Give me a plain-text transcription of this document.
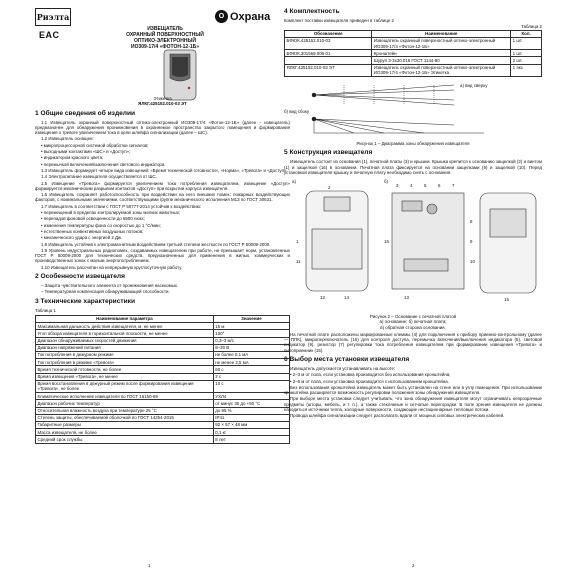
Риэлта
EAC
О Охрана
ИЗВЕЩАТЕЛЬ
ОХРАННЫЙ ПОВЕРХНОСТНЫЙ
ОПТИКО-ЭЛЕКТРОННЫЙ
ИО309-17/4 «ФОТОН-12-1Б»
Этикетка
ЯЛКГ.425152.010-03 ЭТ
1 Общие сведения об изделии

1.1 Извещатель охранный поверхностный оптико-электронный ИО309-17/4 «Фотон-12-1Б» (далее - извещатель) предназначен для обнаружения проникновения в охраняемое пространство закрытого помещения и формирования извещения о тревоге увеличением тока в цепи шлейфа сигнализации (далее – ШС).

1.2 Извещатель оснащен:

• микропроцессорной системой обработки сигналов;

• выходными контактами «ШС» и «Доступ»;

• индикатором красного цвета;

• перемычкой включения/выключения светового индикатора.

1.3 Извещатель формирует четыре вида извещений: «Время технической готовности», «Норма», «Тревога» и «Доступ».

1.4 Электропитание извещателя осуществляется от ШС.

1.5 Извещение «Тревога» формируется увеличением тока потребления извещателем, извещение «Доступ» формируется механическим разрывом контактов «Доступ» при вскрытии корпуса извещателя.

1.6 Извещатель сохраняет работоспособность при воздействии на него внешних помех: пожарных воздействующих факторов, с номинальными значениями, соответствующими группе механического исполнения М13 по ГОСТ 30631.

1.7 Извещатель в соответствии с ГОСТ Р 50777-2014 устойчив к воздействию:

• перемещений в пределах контролируемой зоны мелких животных;

• перепадов фоновой освещенности до 6500 люкс;

• изменения температуры фона со скоростью до 1 °С/мин;

• естественных конвективных воздушных потоков;

• механического удара с энергией 2 Дж.

1.8 Извещатель устойчив к электромагнитным воздействиям третьей степени жесткости по ГОСТ Р 50009-2000.

1.9 Уровень индустриальных радиопомех, создаваемых извещателем при работе, не превышает норм, установленных ГОСТ Р 50009-2000 для технических средств, предназначенных для применения в жилых, коммерческих и производственных зонах с малым энергопотреблением.

1.10 Извещатель рассчитан на непрерывную круглосуточную работу.

2 Особенности извещателя

– Защита чувствительного элемента от проникновения насекомых.

– Температурная компенсация обнаруживающей способности.

3 Технические характеристики
Таблица 1
Наименование параметра	Значение
Максимальная дальность действия извещателя, м, не менее	15 м
Угол обзора извещателя в горизонтальной плоскости, не менее	100°
Диапазон обнаруживаемых скоростей движения	0,3–3 м/с
Диапазон напряжений питания	8–30 В
Ток потребления в дежурном режиме	не более 0,1 мА
Ток потребления в режиме «Тревога»	не менее 2,5 мА
Время технической готовности, не более	60 с
Время извещения «Тревога», не менее	2 с
Время восстановления в дежурный режим после формирования извещения «Тревога», не более	10 с
Климатическое исполнение извещателя по ГОСТ 15150-69	УХЛ4
Диапазон рабочих температур	от минус 30 до +50 °С
Относительная влажность воздуха при температуре 25 °С	до 95 %
Степень защиты, обеспечиваемой оболочкой по ГОСТ 14254-2015	IP41
Габаритные размеры	92 × 57 × 48 мм
Масса извещателя, не более	0,1 кг
Средний срок службы	8 лет
4 Комплектность

Комплект поставки извещателя приведен в таблице 2

Таблица 2
Обозначение	Наименование	Кол.
БФЮК.425152.010-03	Извещатель охранный поверхностный оптико-электронный ИО309-17/4 «Фотон-12-1Б»	1 шт.
БФЮК.301569.006-01	Кронштейн	1 шт.
	Шуруп 3-3х30.016 ГОСТ 1144-80	2 шт.
ЯЛКГ.425152.010-03 ЭТ	Извещатель охранный поверхностный оптико-электронный ИО309-17/4 «Фотон-12-1Б» Этикетка	1 экз.
а) вид сверху
б) вид сбоку
Рисунок 1 – Диаграмма зоны обнаружения извещателя
5 Конструкция извещателя

Извещатель состоит из основания (1), печатной платы (3) и крышки. Крышка крепится к основанию защелкой (2) и винтом (1) и защелкой (16) в основании. Печатная плата фиксируется на основании защелками (9) и защелкой (10). Перед установкой извещателя крышку и печатную плату необходимо снять с основания.

а)	б)
1
2	3	4	5	6	7
8
9
10
11
12	13
14	15
16
Рисунок 2 – Основание с печатной платой
а) основание; б) печатная плата;
в) обратная сторона основания.

На печатной плате расположены маркированные клеммы (4) для подключения к прибору приемно-контрольному (далее — ППК), микропереключатель (16) для контроля доступа, перемычка включения/выключения индикатора (5), световой индикатор (9), резистор (7) регулировки тока потребления извещателем при формировании извещения «Тревога» и пироприемник (15).

6 Выбор места установки извещателя

Извещатель допускается устанавливать на высоте:

• 2–3 м от пола, если установка производится без использования кронштейна;

• 2–5 м от пола, если установка производится с использованием кронштейна.

Без использования кронштейна извещатель может быть установлен на стене или в углу помещения. При использовании кронштейна расширяется возможность регулировки положения зоны обнаружения извещателя.

При выборе места установки следует учитывать, что зона обнаружения извещателя могут ограничивать непрозрачные предметы (шторы, мебель, и т. п.), а также стеклянные и сетчатые перегородки. В поле зрения извещателя не должны находиться источники тепла, холодные поверхности, создающие нестационарные тепловые потоки.

Провода шлейфа сигнализации следует располагать вдали от мощных силовых электрических кабелей.

1	2
